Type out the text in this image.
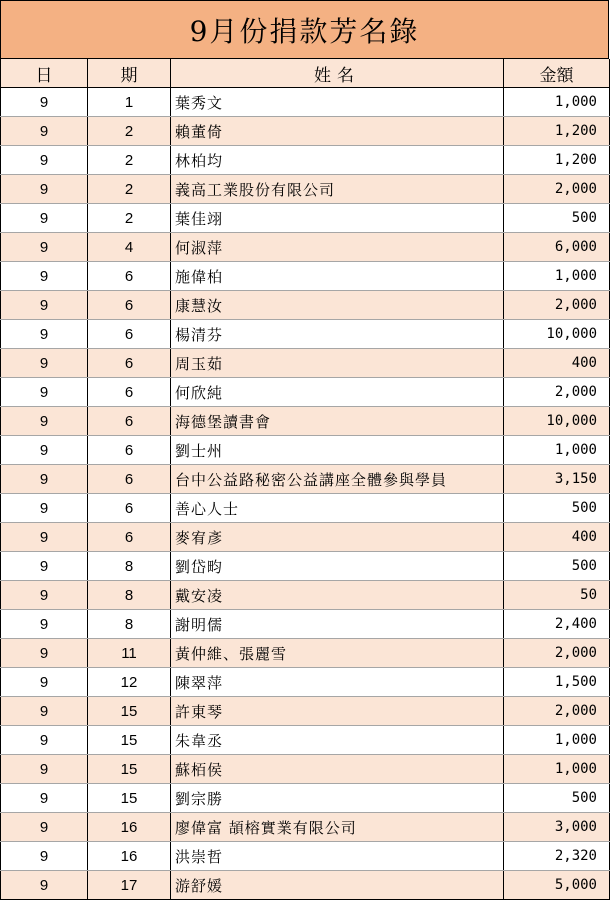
9月份捐款芳名錄
日	期	姓名	金額
9	1	葉秀文	1,000
9	2	賴董倚	1,200
9	2	林柏均	1,200
9	2	義高工業股份有限公司	2,000
9	2	葉佳翊	500
9	4	何淑萍	6,000
9	6	施偉柏	1,000
9	6	康慧汝	2,000
9	6	楊清芬	10,000
9	6	周玉茹	400
9	6	何欣純	2,000
9	6	海德堡讀書會	10,000
9	6	劉士州	1,000
9	6	台中公益路秘密公益講座全體參與學員	3,150
9	6	善心人士	500
9	6	麥宥彥	400
9	8	劉岱畇	500
9	8	戴安凌	50
9	8	謝明儒	2,400
9	11	黃仲維、張麗雪	2,000
9	12	陳翠萍	1,500
9	15	許東琴	2,000
9	15	朱韋丞	1,000
9	15	蘇栢侯	1,000
9	15	劉宗勝	500
9	16	廖偉富 頡榕實業有限公司	3,000
9	16	洪崇哲	2,320
9	17	游舒媛	5,000
